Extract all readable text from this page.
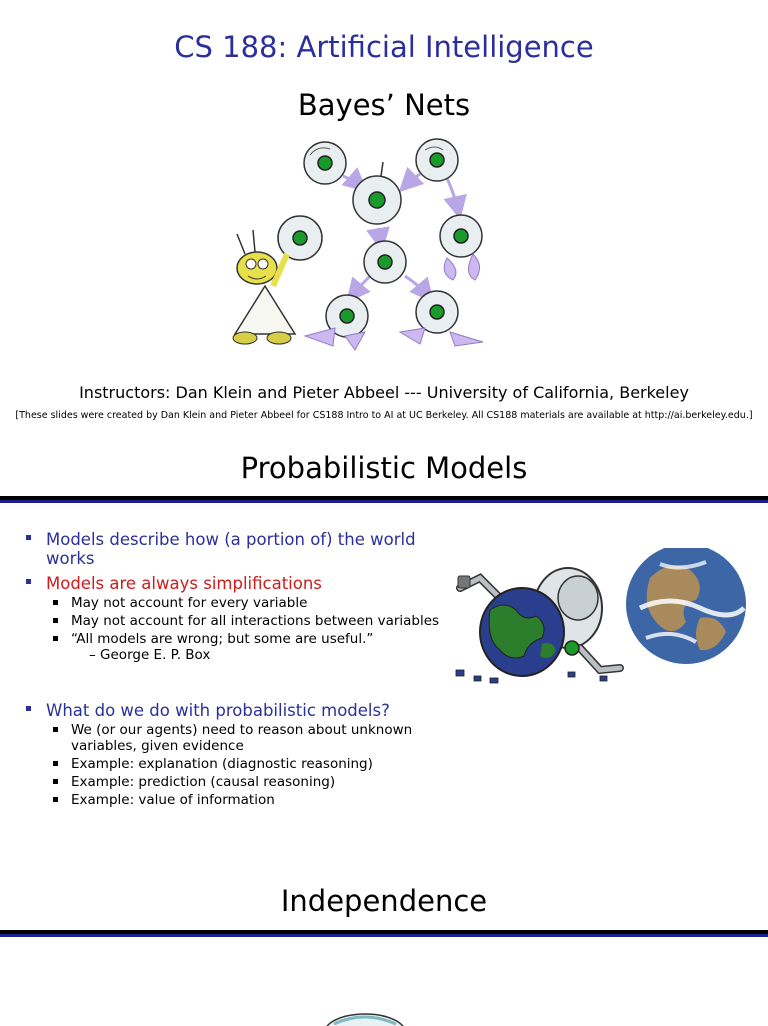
CS 188: Artificial Intelligence
Bayes’ Nets
Instructors: Dan Klein and Pieter Abbeel --- University of California, Berkeley
[These slides were created by Dan Klein and Pieter Abbeel for CS188 Intro to AI at UC Berkeley. All CS188 materials are available at http://ai.berkeley.edu.]
Probabilistic Models
Models describe how (a portion of) the world works
Models are always simplifications
May not account for every variable
May not account for all interactions between variables
“All models are wrong; but some are useful.”
– George E. P. Box
What do we do with probabilistic models?
We (or our agents) need to reason about unknown variables, given evidence
Example: explanation (diagnostic reasoning)
Example: prediction (causal reasoning)
Example: value of information
Independence
